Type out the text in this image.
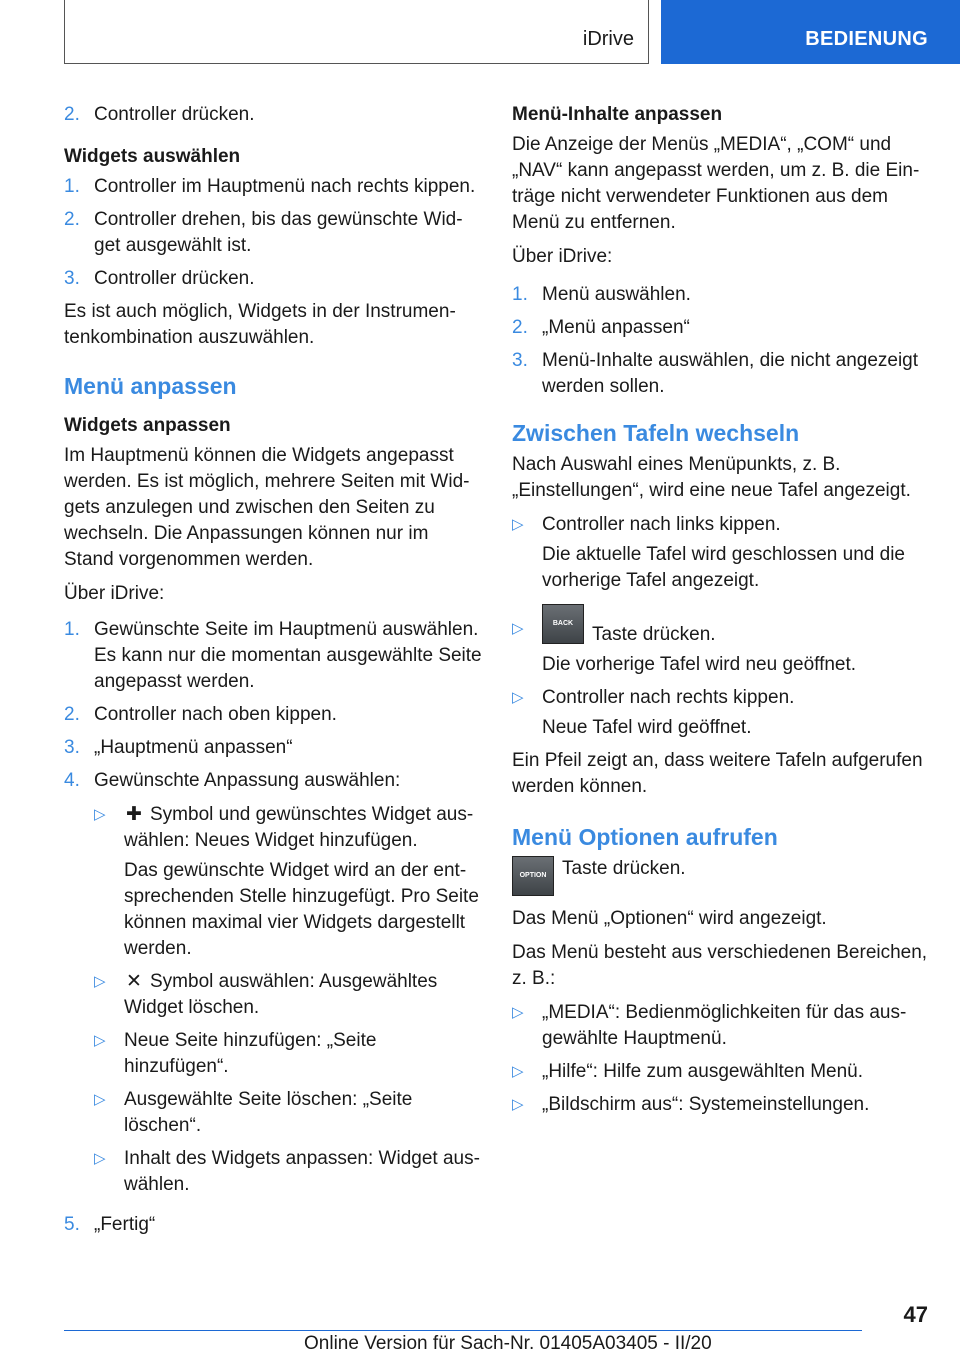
iDrive	BEDIENUNG
2. Controller drücken.
Widgets auswählen
1. Controller im Hauptmenü nach rechts kippen.
2. Controller drehen, bis das gewünschte Widget ausgewählt ist.
3. Controller drücken.

Es ist auch möglich, Widgets in der Instrumentenkombination auszuwählen.

Menü anpassen
Widgets anpassen

Im Hauptmenü können die Widgets angepasst werden. Es ist möglich, mehrere Seiten mit Widgets anzulegen und zwischen den Seiten zu wechseln. Die Anpassungen können nur im Stand vorgenommen werden.

Über iDrive:

1. Gewünschte Seite im Hauptmenü auswählen. Es kann nur die momentan ausgewählte Seite angepasst werden.
2. Controller nach oben kippen.
3. „Hauptmenü anpassen“
4. Gewünschte Anpassung auswählen:
▷	✚ Symbol und gewünschtes Widget auswählen: Neues Widget hinzufügen.

Das gewünschte Widget wird an der entsprechenden Stelle hinzugefügt. Pro Seite können maximal vier Widgets dargestellt werden.

▷	✕ Symbol auswählen: Ausgewähltes Widget löschen.
▷ Neue Seite hinzufügen: „Seite hinzufügen“.
▷ Ausgewählte Seite löschen: „Seite löschen“.
▷ Inhalt des Widgets anpassen: Widget auswählen.
5. „Fertig“
Menü-Inhalte anpassen

Die Anzeige der Menüs „MEDIA“, „COM“ und „NAV“ kann angepasst werden, um z. B. die Einträge nicht verwendeter Funktionen aus dem Menü zu entfernen.

Über iDrive:

1. Menü auswählen.
2. „Menü anpassen“
3. Menü-Inhalte auswählen, die nicht angezeigt werden sollen.
Zwischen Tafeln wechseln

Nach Auswahl eines Menüpunkts, z. B. „Einstellungen“, wird eine neue Tafel angezeigt.

▷ Controller nach links kippen.

Die aktuelle Tafel wird geschlossen und die vorherige Tafel angezeigt.

▷	BACKTaste drücken.

Die vorherige Tafel wird neu geöffnet.

▷ Controller nach rechts kippen.

Neue Tafel wird geöffnet.

Ein Pfeil zeigt an, dass weitere Tafeln aufgerufen werden können.

Menü Optionen aufrufen
OPTION Taste drücken.

Das Menü „Optionen“ wird angezeigt.

Das Menü besteht aus verschiedenen Bereichen, z. B.:

▷ „MEDIA“: Bedienmöglichkeiten für das ausgewählte Hauptmenü.
▷ „Hilfe“: Hilfe zum ausgewählten Menü.
▷ „Bildschirm aus“: Systemeinstellungen.
47
Online Version für Sach-Nr. 01405A03405 - II/20
